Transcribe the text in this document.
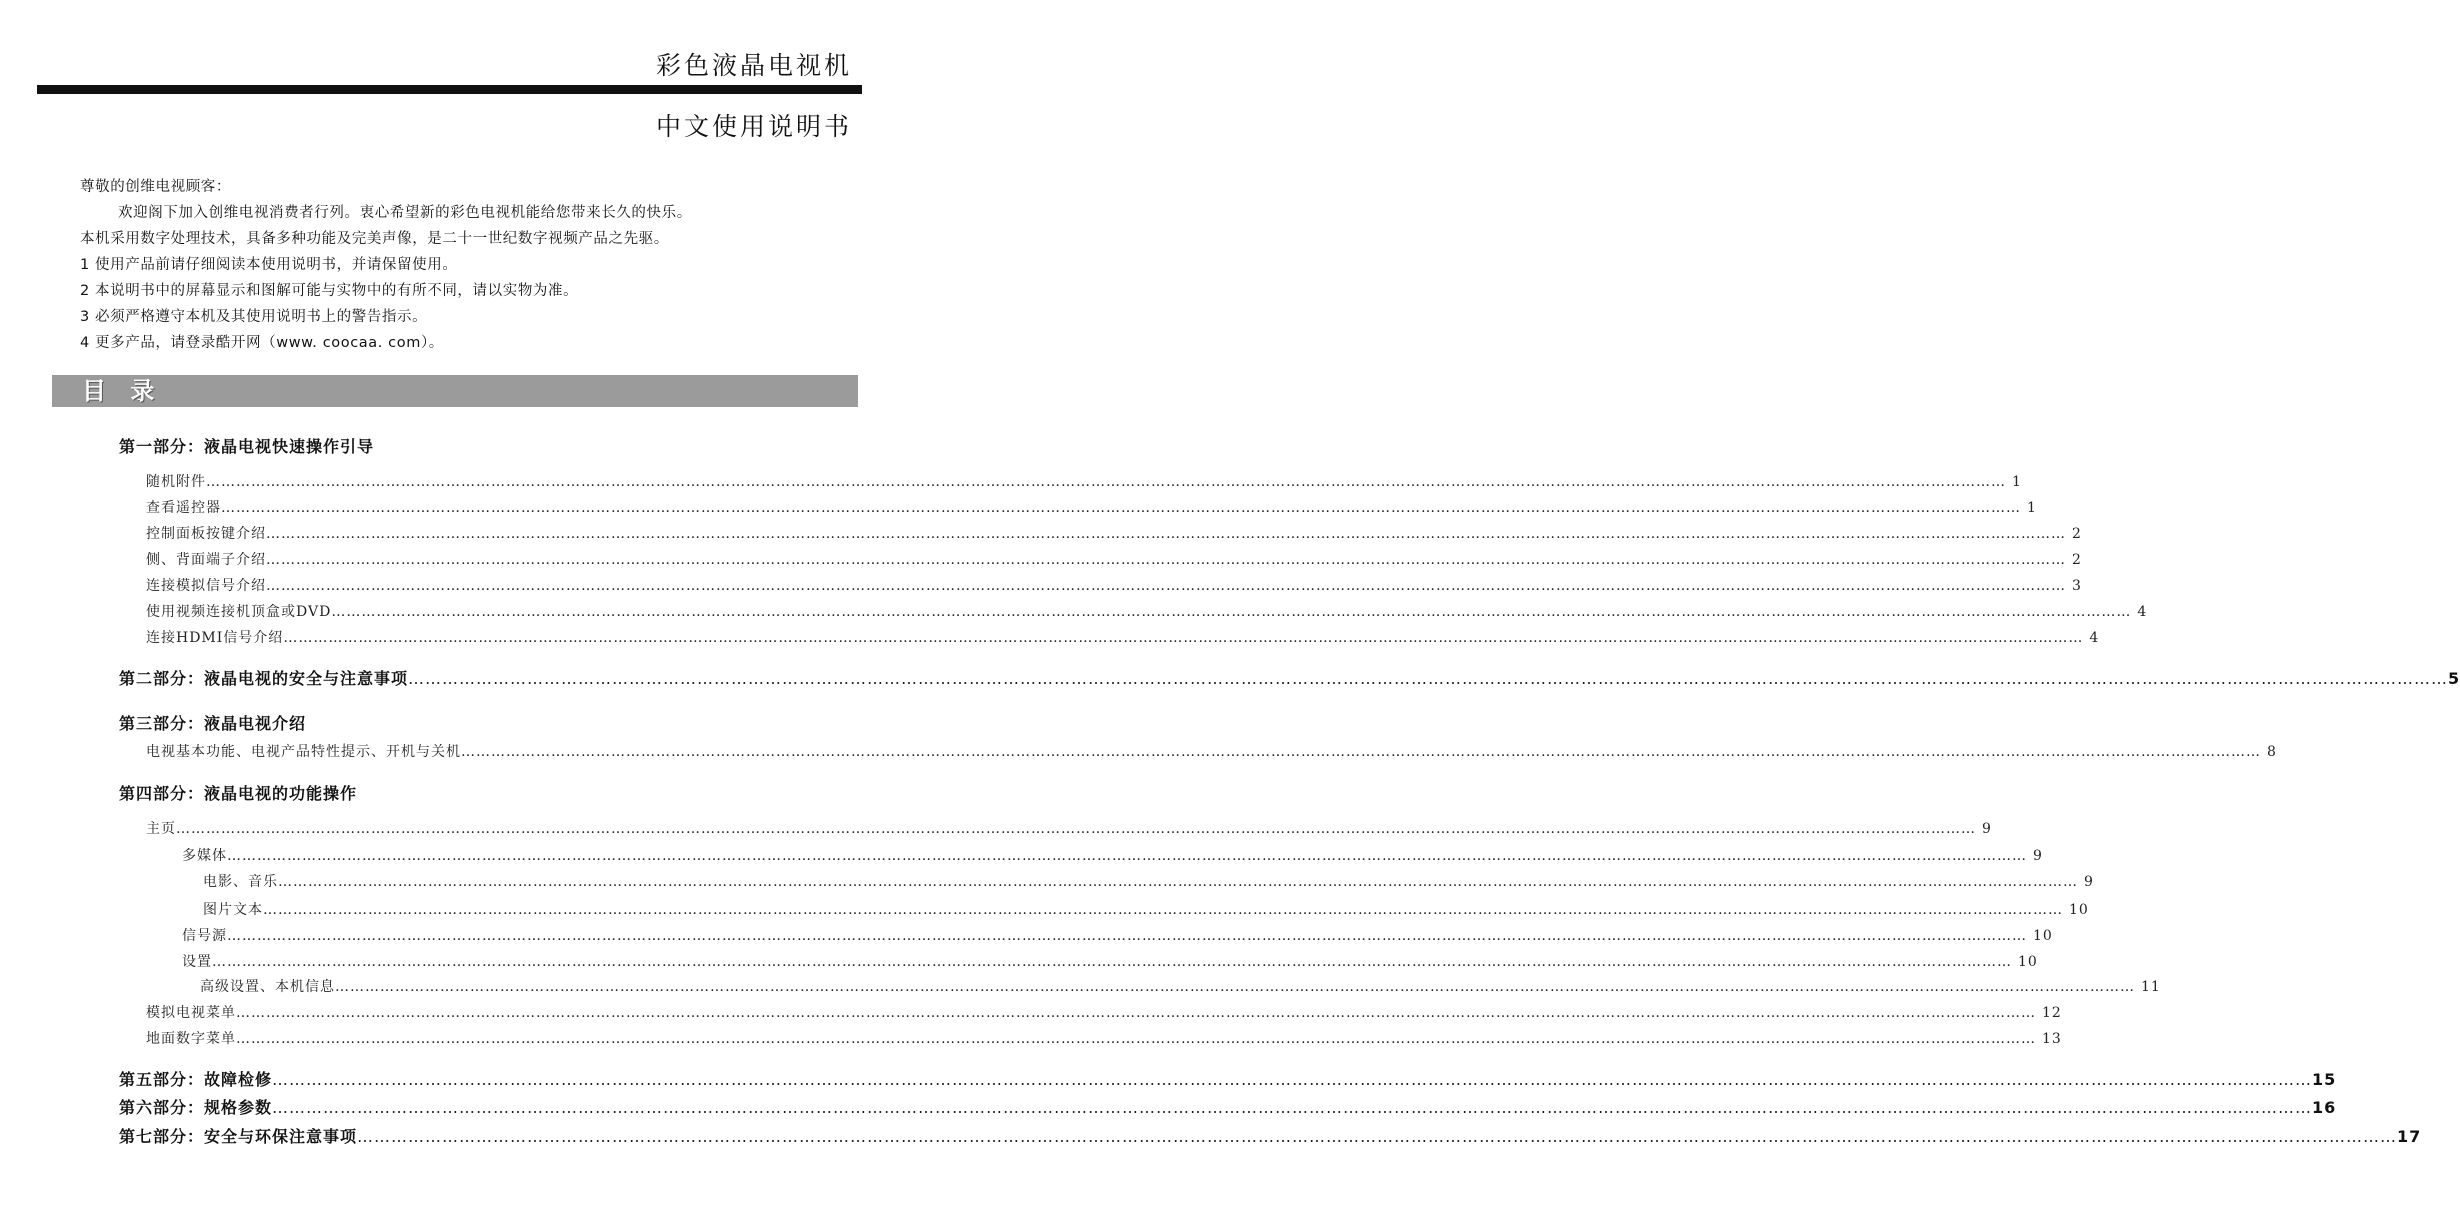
彩色液晶电视机
中文使用说明书
尊敬的创维电视顾客：
欢迎阁下加入创维电视消费者行列。衷心希望新的彩色电视机能给您带来长久的快乐。
本机采用数字处理技术，具备多种功能及完美声像，是二十一世纪数字视频产品之先驱。
1 使用产品前请仔细阅读本使用说明书，并请保留使用。
2 本说明书中的屏幕显示和图解可能与实物中的有所不同，请以实物为准。
3 必须严格遵守本机及其使用说明书上的警告指示。
4 更多产品，请登录酷开网（www. coocaa. com）。
目 录
第一部分：液晶电视快速操作引导
随机附件 ……………………………………………………………………………………………………………………………………………………………………………………………………………………………………………………………………………………………………………………………… 1
查看遥控器 ……………………………………………………………………………………………………………………………………………………………………………………………………………………………………………………………………………………………………………………………… 1
控制面板按键介绍 ……………………………………………………………………………………………………………………………………………………………………………………………………………………………………………………………………………………………………………………………… 2
侧、背面端子介绍 ……………………………………………………………………………………………………………………………………………………………………………………………………………………………………………………………………………………………………………………………… 2
连接模拟信号介绍 ……………………………………………………………………………………………………………………………………………………………………………………………………………………………………………………………………………………………………………………………… 3
使用视频连接机顶盒或DVD ……………………………………………………………………………………………………………………………………………………………………………………………………………………………………………………………………………………………………………………………… 4
连接HDMI信号介绍 ……………………………………………………………………………………………………………………………………………………………………………………………………………………………………………………………………………………………………………………………… 4
第二部分：液晶电视的安全与注意事项 ……………………………………………………………………………………………………………………………………………………………………………………………………………………………………………………………………………………………………………………………… 5
第三部分：液晶电视介绍
电视基本功能、电视产品特性提示、开机与关机 ……………………………………………………………………………………………………………………………………………………………………………………………………………………………………………………………………………………………………………………………… 8
第四部分：液晶电视的功能操作
主页 ……………………………………………………………………………………………………………………………………………………………………………………………………………………………………………………………………………………………………………………………… 9
多媒体 ……………………………………………………………………………………………………………………………………………………………………………………………………………………………………………………………………………………………………………………………… 9
电影、音乐 ……………………………………………………………………………………………………………………………………………………………………………………………………………………………………………………………………………………………………………………………… 9
图片文本 ……………………………………………………………………………………………………………………………………………………………………………………………………………………………………………………………………………………………………………………………… 10
信号源 ……………………………………………………………………………………………………………………………………………………………………………………………………………………………………………………………………………………………………………………………… 10
设置 ……………………………………………………………………………………………………………………………………………………………………………………………………………………………………………………………………………………………………………………………… 10
高级设置、本机信息 ……………………………………………………………………………………………………………………………………………………………………………………………………………………………………………………………………………………………………………………………… 11
模拟电视菜单 ……………………………………………………………………………………………………………………………………………………………………………………………………………………………………………………………………………………………………………………………… 12
地面数字菜单 ……………………………………………………………………………………………………………………………………………………………………………………………………………………………………………………………………………………………………………………………… 13
第五部分：故障检修 ……………………………………………………………………………………………………………………………………………………………………………………………………………………………………………………………………………………………………………………………… 15
第六部分：规格参数 ……………………………………………………………………………………………………………………………………………………………………………………………………………………………………………………………………………………………………………………………… 16
第七部分：安全与环保注意事项 ……………………………………………………………………………………………………………………………………………………………………………………………………………………………………………………………………………………………………………………………… 17
